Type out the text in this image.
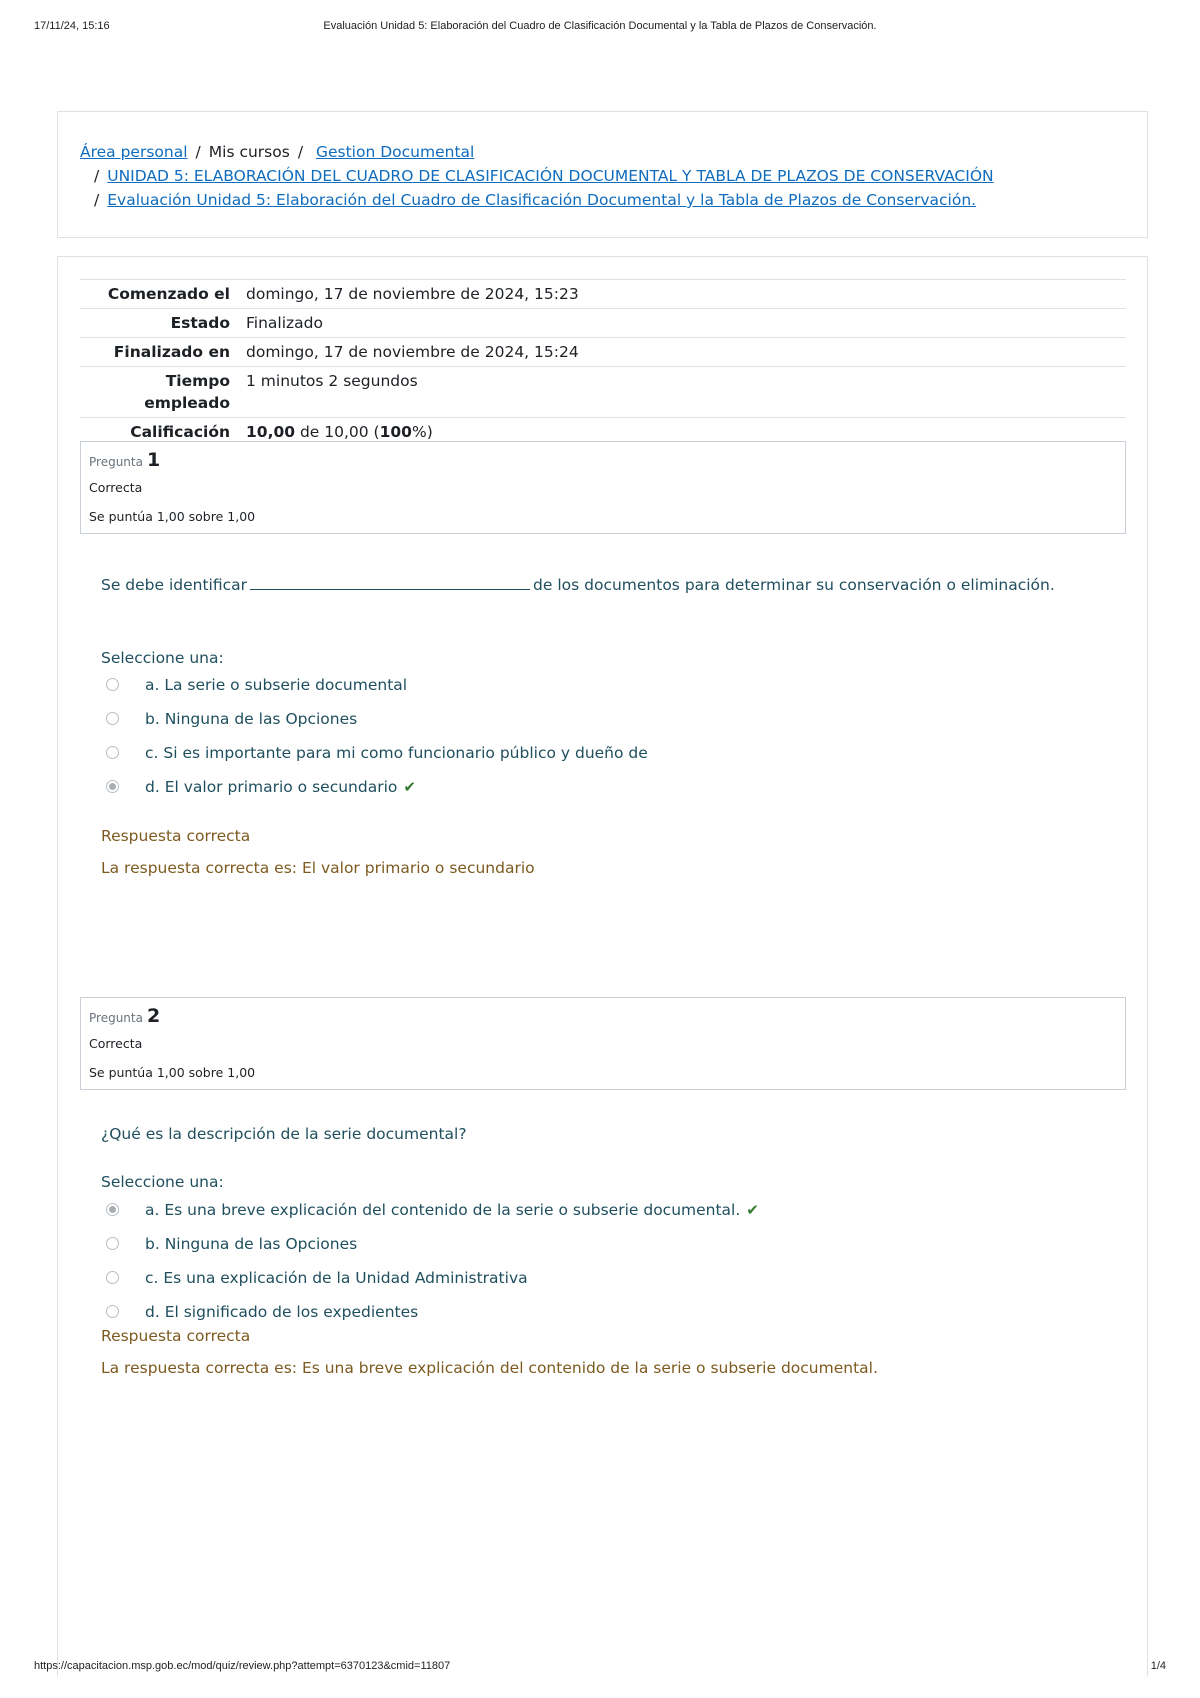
17/11/24, 15:16	Evaluación Unidad 5: Elaboración del Cuadro de Clasificación Documental y la Tabla de Plazos de Conservación.
Área personal / Mis cursos / Gestion Documental
/ UNIDAD 5: ELABORACIÓN DEL CUADRO DE CLASIFICACIÓN DOCUMENTAL Y TABLA DE PLAZOS DE CONSERVACIÓN
/ Evaluación Unidad 5: Elaboración del Cuadro de Clasificación Documental y la Tabla de Plazos de Conservación.
Comenzado el	domingo, 17 de noviembre de 2024, 15:23
Estado	Finalizado
Finalizado en	domingo, 17 de noviembre de 2024, 15:24
Tiempo
empleado	1 minutos 2 segundos
Calificación	10,00 de 10,00 (100%)
Pregunta 1
Correcta
Se puntúa 1,00 sobre 1,00
Se debe identificar	de los documentos para determinar su conservación o eliminación.
Seleccione una:
a. La serie o subserie documental
b. Ninguna de las Opciones
c. Si es importante para mi como funcionario público y dueño de
d. El valor primario o secundario ✔
Respuesta correcta
La respuesta correcta es: El valor primario o secundario
Pregunta 2
Correcta
Se puntúa 1,00 sobre 1,00
¿Qué es la descripción de la serie documental?
Seleccione una:
a. Es una breve explicación del contenido de la serie o subserie documental. ✔
b. Ninguna de las Opciones
c. Es una explicación de la Unidad Administrativa
d. El significado de los expedientes
Respuesta correcta
La respuesta correcta es: Es una breve explicación del contenido de la serie o subserie documental.
https://capacitacion.msp.gob.ec/mod/quiz/review.php?attempt=6370123&cmid=11807	1/4
